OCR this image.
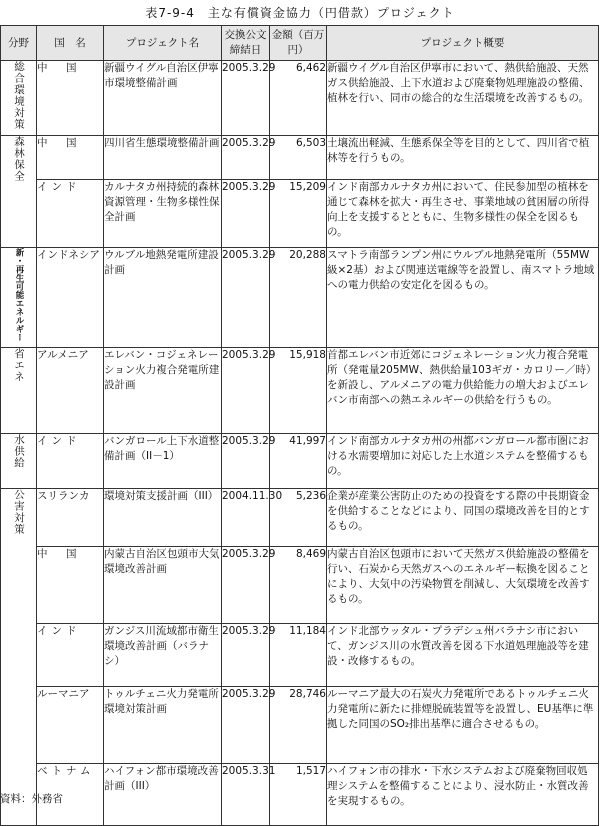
表7-9-4　主な有償資金協力（円借款）プロジェクト
分野	国　名	プロジェクト名	交換公文締結日	金額（百万円）	プロジェクト概要
総合環境対策	中　国	新疆ウイグル自治区伊寧市環境整備計画	2005.3.29	6,462	新疆ウイグル自治区伊寧市において、熱供給施設、天然ガス供給施設、上下水道および廃棄物処理施設の整備、植林を行い、同市の総合的な生活環境を改善するもの。
森林保全	中　国	四川省生態環境整備計画	2005.3.29	6,503	土壌流出軽減、生態系保全等を目的として、四川省で植林等を行うもの。
	インド	カルナタカ州持続的森林資源管理・生物多様性保全計画	2005.3.29	15,209	インド南部カルナタカ州において、住民参加型の植林を通じて森林を拡大・再生させ、事業地域の貧困層の所得向上を支援するとともに、生物多様性の保全を図るもの。
新・再生可能エネルギー	インドネシア	ウルブル地熱発電所建設計画	2005.3.29	20,288	スマトラ南部ランプン州にウルブル地熱発電所（55MW級×2基）および関連送電線等を設置し、南スマトラ地域への電力供給の安定化を図るもの。
省エネ	アルメニア	エレバン・コジェネレーション火力複合発電所建設計画	2005.3.29	15,918	首都エレバン市近郊にコジェネレーション火力複合発電所（発電量205MW、熱供給量103ギガ・カロリー／時）を新設し、アルメニアの電力供給能力の増大およびエレバン市南部への熱エネルギーの供給を行うもの。
水供給	インド	バンガロール上下水道整備計画（II－1）	2005.3.29	41,997	インド南部カルナタカ州の州都バンガロール都市圏における水需要増加に対応した上水道システムを整備するもの。
公害対策	スリランカ	環境対策支援計画（III）	2004.11.30	5,236	企業が産業公害防止のための投資をする際の中長期資金を供給することなどにより、同国の環境改善を目的とするもの。
	中　国	内蒙古自治区包頭市大気環境改善計画	2005.3.29	8,469	内蒙古自治区包頭市において天然ガス供給施設の整備を行い、石炭から天然ガスへのエネルギー転換を図ることにより、大気中の汚染物質を削減し、大気環境を改善するもの。
	インド	ガンジス川流域都市衛生環境改善計画（バラナシ）	2005.3.29	11,184	インド北部ウッタル・プラデシュ州バラナシ市において、ガンジス川の水質改善を図る下水道処理施設等を建設・改修するもの。
	ルーマニア	トゥルチェニ火力発電所環境対策計画	2005.3.29	28,746	ルーマニア最大の石炭火力発電所であるトゥルチェニ火力発電所に新たに排煙脱硫装置等を設置し、EU基準に準拠した同国のSO₂排出基準に適合させるもの。
	ベトナム	ハイフォン都市環境改善計画（III）	2005.3.31	1,517	ハイフォン市の排水・下水システムおよび廃棄物回収処理システムを整備することにより、浸水防止・水質改善を実現するもの。
資料：外務省
